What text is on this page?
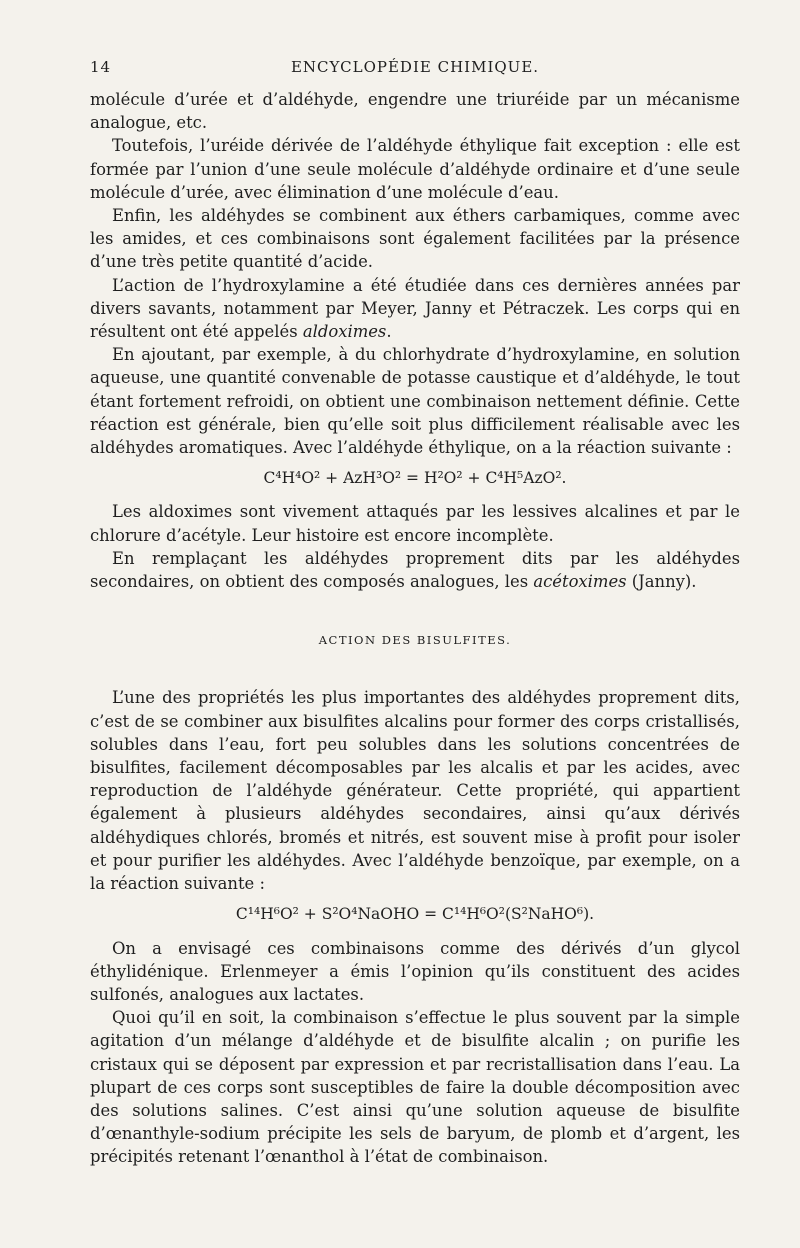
14	ENCYCLOPÉDIE CHIMIQUE.

molécule d’urée et d’aldéhyde, engendre une triuréide par un mécanisme analogue, etc.

Toutefois, l’uréide dérivée de l’aldéhyde éthylique fait exception : elle est formée par l’union d’une seule molécule d’aldéhyde ordinaire et d’une seule molécule d’urée, avec élimination d’une molécule d’eau.

Enfin, les aldéhydes se combinent aux éthers carbamiques, comme avec les amides, et ces combinaisons sont également facilitées par la présence d’une très petite quantité d’acide.

L’action de l’hydroxylamine a été étudiée dans ces dernières années par divers savants, notamment par Meyer, Janny et Pétraczek. Les corps qui en résultent ont été appelés aldoximes.

En ajoutant, par exemple, à du chlorhydrate d’hydroxylamine, en solution aqueuse, une quantité convenable de potasse caustique et d’aldéhyde, le tout étant fortement refroidi, on obtient une combinaison nettement définie. Cette réaction est générale, bien qu’elle soit plus difficilement réalisable avec les aldéhydes aromatiques. Avec l’aldéhyde éthylique, on a la réaction suivante :

C⁴H⁴O² + AzH³O² = H²O² + C⁴H⁵AzO².

Les aldoximes sont vivement attaqués par les lessives alcalines et par le chlorure d’acétyle. Leur histoire est encore incomplète.

En remplaçant les aldéhydes proprement dits par les aldéhydes secondaires, on obtient des composés analogues, les acétoximes (Janny).

ACTION DES BISULFITES.

L’une des propriétés les plus importantes des aldéhydes proprement dits, c’est de se combiner aux bisulfites alcalins pour former des corps cristallisés, solubles dans l’eau, fort peu solubles dans les solutions concentrées de bisulfites, facilement décomposables par les alcalis et par les acides, avec reproduction de l’aldéhyde générateur. Cette propriété, qui appartient également à plusieurs aldéhydes secondaires, ainsi qu’aux dérivés aldéhydiques chlorés, bromés et nitrés, est souvent mise à profit pour isoler et pour purifier les aldéhydes. Avec l’aldéhyde benzoïque, par exemple, on a la réaction suivante :

C¹⁴H⁶O² + S²O⁴NaOHO = C¹⁴H⁶O²(S²NaHO⁶).

On a envisagé ces combinaisons comme des dérivés d’un glycol éthylidénique. Erlenmeyer a émis l’opinion qu’ils constituent des acides sulfonés, analogues aux lactates.

Quoi qu’il en soit, la combinaison s’effectue le plus souvent par la simple agitation d’un mélange d’aldéhyde et de bisulfite alcalin ; on purifie les cristaux qui se déposent par expression et par recristallisation dans l’eau. La plupart de ces corps sont susceptibles de faire la double décomposition avec des solutions salines. C’est ainsi qu’une solution aqueuse de bisulfite d’œnanthyle-sodium précipite les sels de baryum, de plomb et d’argent, les précipités retenant l’œnanthol à l’état de combinaison.
